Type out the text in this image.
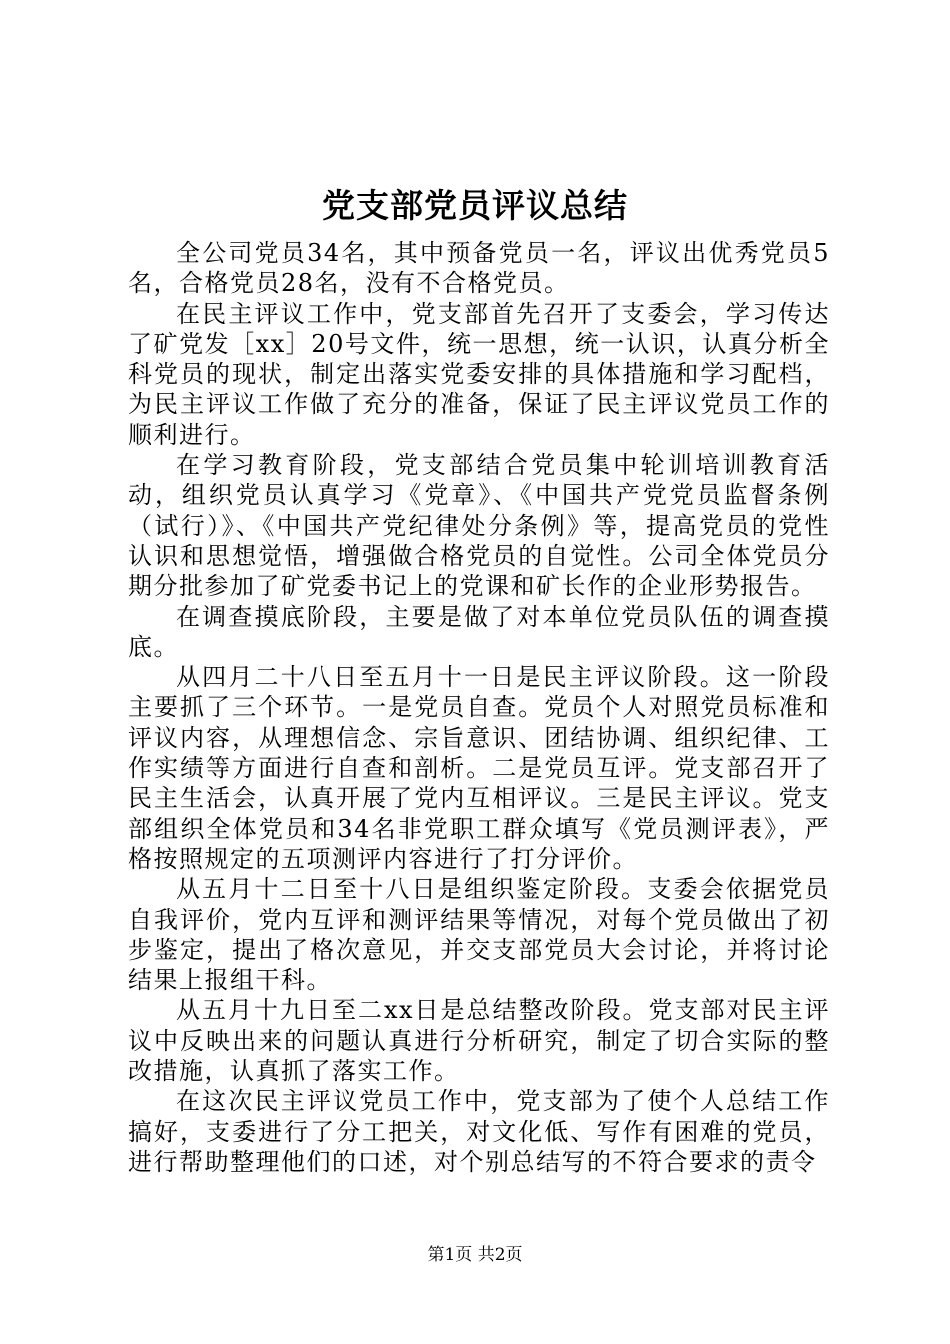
党支部党员评议总结

全公司党员34名，其中预备党员一名，评议出优秀党员5名，合格党员28名，没有不合格党员。

在民主评议工作中，党支部首先召开了支委会，学习传达了矿党发［xx］20号文件，统一思想，统一认识，认真分析全科党员的现状，制定出落实党委安排的具体措施和学习配档，为民主评议工作做了充分的准备，保证了民主评议党员工作的顺利进行。

在学习教育阶段，党支部结合党员集中轮训培训教育活动，组织党员认真学习《党章》、《中国共产党党员监督条例（试行）》、《中国共产党纪律处分条例》等，提高党员的党性认识和思想觉悟，增强做合格党员的自觉性。公司全体党员分期分批参加了矿党委书记上的党课和矿长作的企业形势报告。

在调查摸底阶段，主要是做了对本单位党员队伍的调查摸底。

从四月二十八日至五月十一日是民主评议阶段。这一阶段主要抓了三个环节。一是党员自查。党员个人对照党员标准和评议内容，从理想信念、宗旨意识、团结协调、组织纪律、工作实绩等方面进行自查和剖析。二是党员互评。党支部召开了民主生活会，认真开展了党内互相评议。三是民主评议。党支部组织全体党员和34名非党职工群众填写《党员测评表》，严格按照规定的五项测评内容进行了打分评价。

从五月十二日至十八日是组织鉴定阶段。支委会依据党员自我评价，党内互评和测评结果等情况，对每个党员做出了初步鉴定，提出了格次意见，并交支部党员大会讨论，并将讨论结果上报组干科。

从五月十九日至二xx日是总结整改阶段。党支部对民主评议中反映出来的问题认真进行分析研究，制定了切合实际的整改措施，认真抓了落实工作。

在这次民主评议党员工作中，党支部为了使个人总结工作搞好，支委进行了分工把关，对文化低、写作有困难的党员，进行帮助整理他们的口述，对个别总结写的不符合要求的责令

第1页 共2页
